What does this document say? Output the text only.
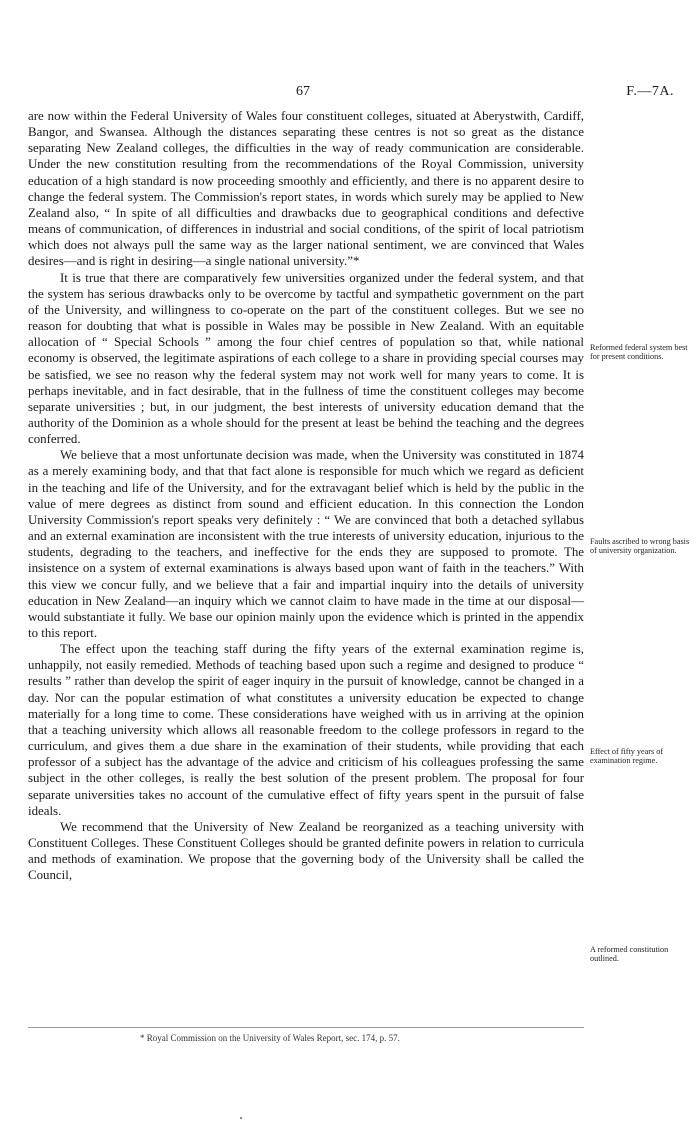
67	F.—7A.

are now within the Federal University of Wales four constituent colleges, situated at Aberystwith, Cardiff, Bangor, and Swansea. Although the distances separating these centres is not so great as the distance separating New Zealand colleges, the difficulties in the way of ready communication are considerable. Under the new constitution resulting from the recommendations of the Royal Commission, university education of a high standard is now proceeding smoothly and efficiently, and there is no apparent desire to change the federal system. The Commission's report states, in words which surely may be applied to New Zealand also, “ In spite of all difficulties and drawbacks due to geographical conditions and defective means of communication, of differences in industrial and social conditions, of the spirit of local patriotism which does not always pull the same way as the larger national sentiment, we are convinced that Wales desires—and is right in desiring—a single national university.”*

It is true that there are comparatively few universities organized under the federal system, and that the system has serious drawbacks only to be overcome by tactful and sympathetic government on the part of the University, and willingness to co-operate on the part of the constituent colleges. But we see no reason for doubting that what is possible in Wales may be possible in New Zealand. With an equitable allocation of “ Special Schools ” among the four chief centres of population so that, while national economy is observed, the legitimate aspirations of each college to a share in providing special courses may be satisfied, we see no reason why the federal system may not work well for many years to come. It is perhaps inevitable, and in fact desirable, that in the fullness of time the constituent colleges may become separate universities ; but, in our judgment, the best interests of university education demand that the authority of the Dominion as a whole should for the present at least be behind the teaching and the degrees conferred.

We believe that a most unfortunate decision was made, when the University was constituted in 1874 as a merely examining body, and that that fact alone is responsible for much which we regard as deficient in the teaching and life of the University, and for the extravagant belief which is held by the public in the value of mere degrees as distinct from sound and efficient education. In this connection the London University Commission's report speaks very definitely : “ We are convinced that both a detached syllabus and an external examination are inconsistent with the true interests of university education, injurious to the students, degrading to the teachers, and ineffective for the ends they are supposed to promote. The insistence on a system of external examinations is always based upon want of faith in the teachers.” With this view we concur fully, and we believe that a fair and impartial inquiry into the details of university education in New Zealand—an inquiry which we cannot claim to have made in the time at our disposal—would substantiate it fully. We base our opinion mainly upon the evidence which is printed in the appendix to this report.

The effect upon the teaching staff during the fifty years of the external examination regime is, unhappily, not easily remedied. Methods of teaching based upon such a regime and designed to produce “ results ” rather than develop the spirit of eager inquiry in the pursuit of knowledge, cannot be changed in a day. Nor can the popular estimation of what constitutes a university education be expected to change materially for a long time to come. These considerations have weighed with us in arriving at the opinion that a teaching university which allows all reasonable freedom to the college professors in regard to the curriculum, and gives them a due share in the examination of their students, while providing that each professor of a subject has the advantage of the advice and criticism of his colleagues professing the same subject in the other colleges, is really the best solution of the present problem. The proposal for four separate universities takes no account of the cumulative effect of fifty years spent in the pursuit of false ideals.

We recommend that the University of New Zealand be reorganized as a teaching university with Constituent Colleges. These Constituent Colleges should be granted definite powers in relation to curricula and methods of examination. We propose that the governing body of the University shall be called the Council,

Reformed federal system best for present conditions.
Faults ascribed to wrong basis of university organization.
Effect of fifty years of examination regime.
A reformed constitution outlined.
* Royal Commission on the University of Wales Report, sec. 174, p. 57.
